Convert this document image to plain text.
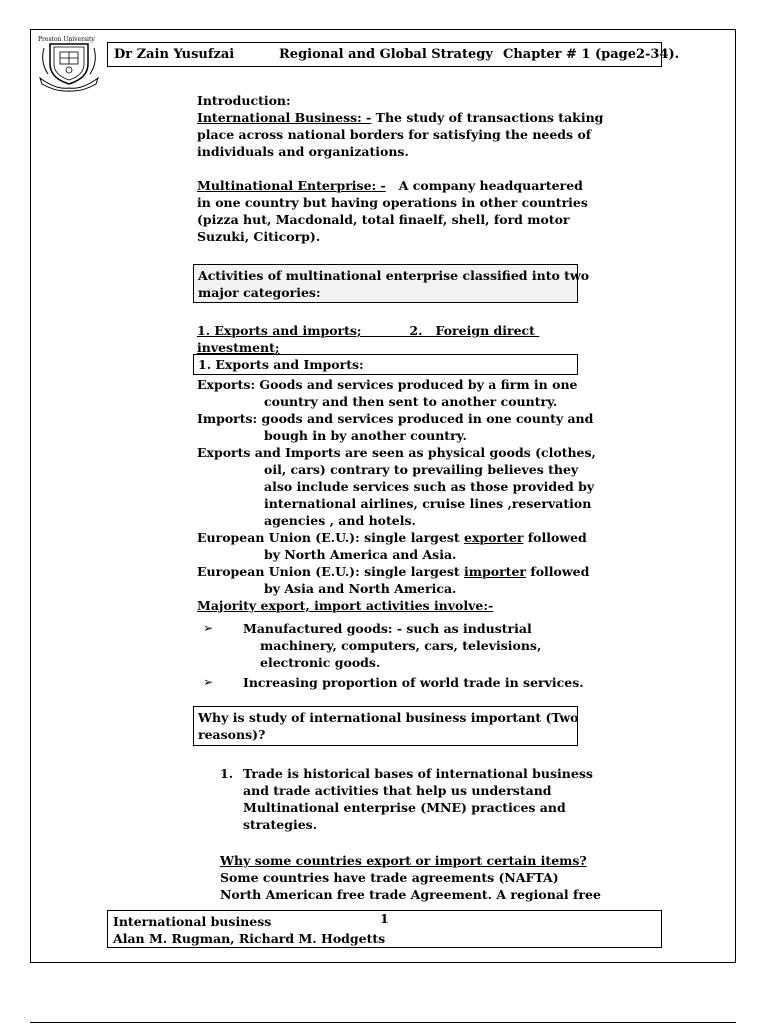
Preston University
Dr Zain Yusufzai	Regional and Global Strategy Chapter # 1 (page2-34).
Introduction:
International Business: - The study of transactions taking
place across national borders for satisfying the needs of
individuals and organizations.
Multinational Enterprise: -   A company headquartered
in one country but having operations in other countries
(pizza hut, Macdonald, total finaelf, shell, ford motor
Suzuki, Citicorp).
Activities of multinational enterprise classified into two
major categories:
1. Exports and imports;           2.   Foreign direct
investment;
1. Exports and Imports:
Exports: Goods and services produced by a firm in one
country and then sent to another country.
Imports: goods and services produced in one county and
bough in by another country.
Exports and Imports are seen as physical goods (clothes,
oil, cars) contrary to prevailing believes they
also include services such as those provided by
international airlines, cruise lines ,reservation
agencies , and hotels.
European Union (E.U.): single largest exporter followed
by North America and Asia.
European Union (E.U.): single largest importer followed
by Asia and North America.
Majority export, import activities involve:-
➢ Manufactured goods: - such as industrial
machinery, computers, cars, televisions,
electronic goods.
➢ Increasing proportion of world trade in services.
Why is study of international business important (Two
reasons)?
1. Trade is historical bases of international business
and trade activities that help us understand
Multinational enterprise (MNE) practices and
strategies.
Why some countries export or import certain items?
Some countries have trade agreements (NAFTA)
North American free trade Agreement. A regional free
International business
Alan M. Rugman, Richard M. Hodgetts
1
